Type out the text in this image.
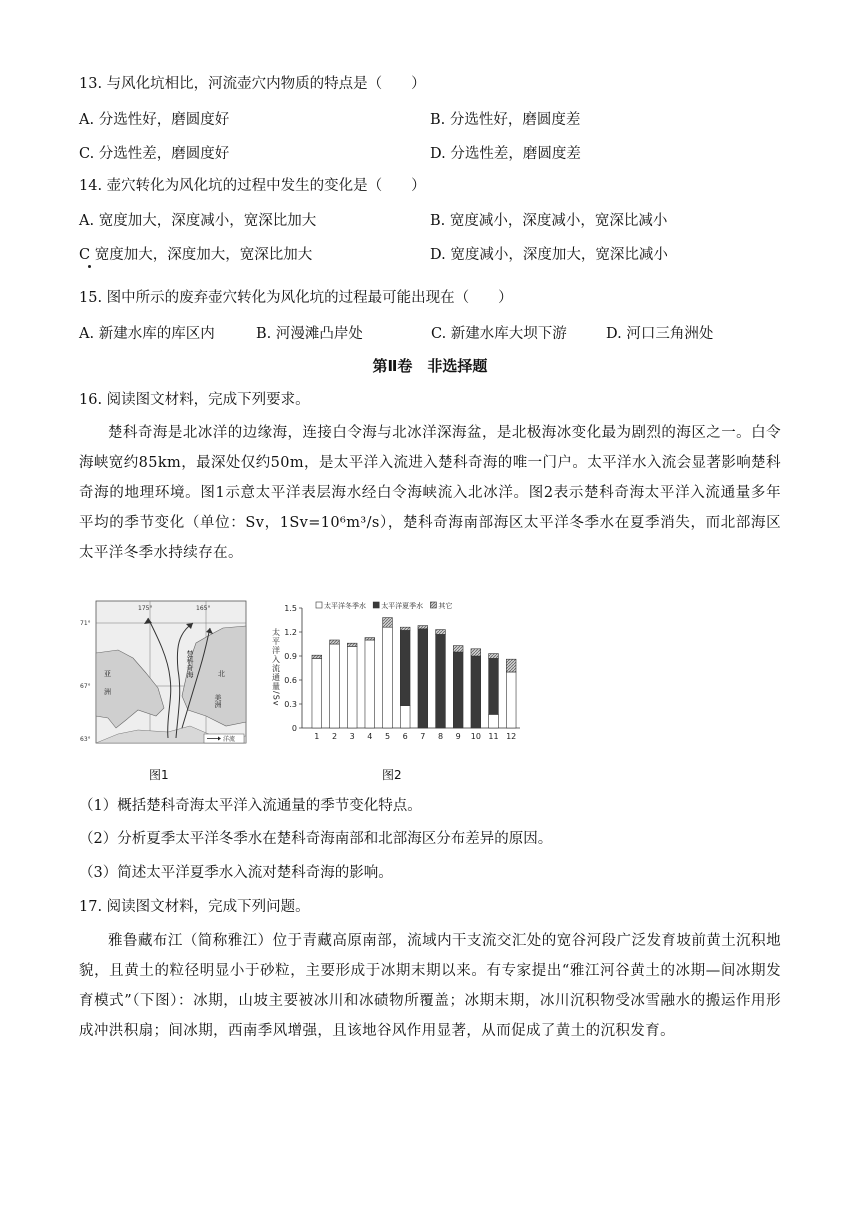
13. 与风化坑相比，河流壶穴内物质的特点是（　　）
A. 分选性好，磨圆度好	B. 分选性好，磨圆度差
C. 分选性差，磨圆度好	D. 分选性差，磨圆度差
14. 壶穴转化为风化坑的过程中发生的变化是（　　）
A. 宽度加大，深度减小，宽深比加大	B. 宽度减小，深度减小，宽深比减小
C 宽度加大，深度加大，宽深比加大	D. 宽度减小，深度加大，宽深比减小
15. 图中所示的废弃壶穴转化为风化坑的过程最可能出现在（　　）
A. 新建水库的库区内	B. 河漫滩凸岸处	C. 新建水库大坝下游	D. 河口三角洲处
第Ⅱ卷　非选择题
16. 阅读图文材料，完成下列要求。
楚科奇海是北冰洋的边缘海，连接白令海与北冰洋深海盆，是北极海冰变化最为剧烈的海区之一。白令海峡宽约85km，最深处仅约50m，是太平洋入流进入楚科奇海的唯一门户。太平洋水入流会显著影响楚科奇海的地理环境。图1示意太平洋表层海水经白令海峡流入北冰洋。图2表示楚科奇海太平洋入流通量多年平均的季节变化（单位：Sv，1Sv=10⁶m³/s），楚科奇海南部海区太平洋冬季水在夏季消失，而北部海区太平洋冬季水持续存在。
175°	165°
71°
67°
63°
亚
洲
北
美洲
楚科奇海
洋流
图1
0
0.3
0.6
0.9
1.2
1.5
太平洋入流通量/Sv
1 2 3 4 5 6 7 8 9 10 11 12
太平洋冬季水 太平洋夏季水 其它
图2
（1）概括楚科奇海太平洋入流通量的季节变化特点。
（2）分析夏季太平洋冬季水在楚科奇海南部和北部海区分布差异的原因。
（3）简述太平洋夏季水入流对楚科奇海的影响。
17. 阅读图文材料，完成下列问题。
雅鲁藏布江（简称雅江）位于青藏高原南部，流域内干支流交汇处的宽谷河段广泛发育坡前黄土沉积地貌，且黄土的粒径明显小于砂粒，主要形成于冰期末期以来。有专家提出“雅江河谷黄土的冰期—间冰期发育模式”（下图）：冰期，山坡主要被冰川和冰碛物所覆盖；冰期末期，冰川沉积物受冰雪融水的搬运作用形成冲洪积扇；间冰期，西南季风增强，且该地谷风作用显著，从而促成了黄土的沉积发育。
